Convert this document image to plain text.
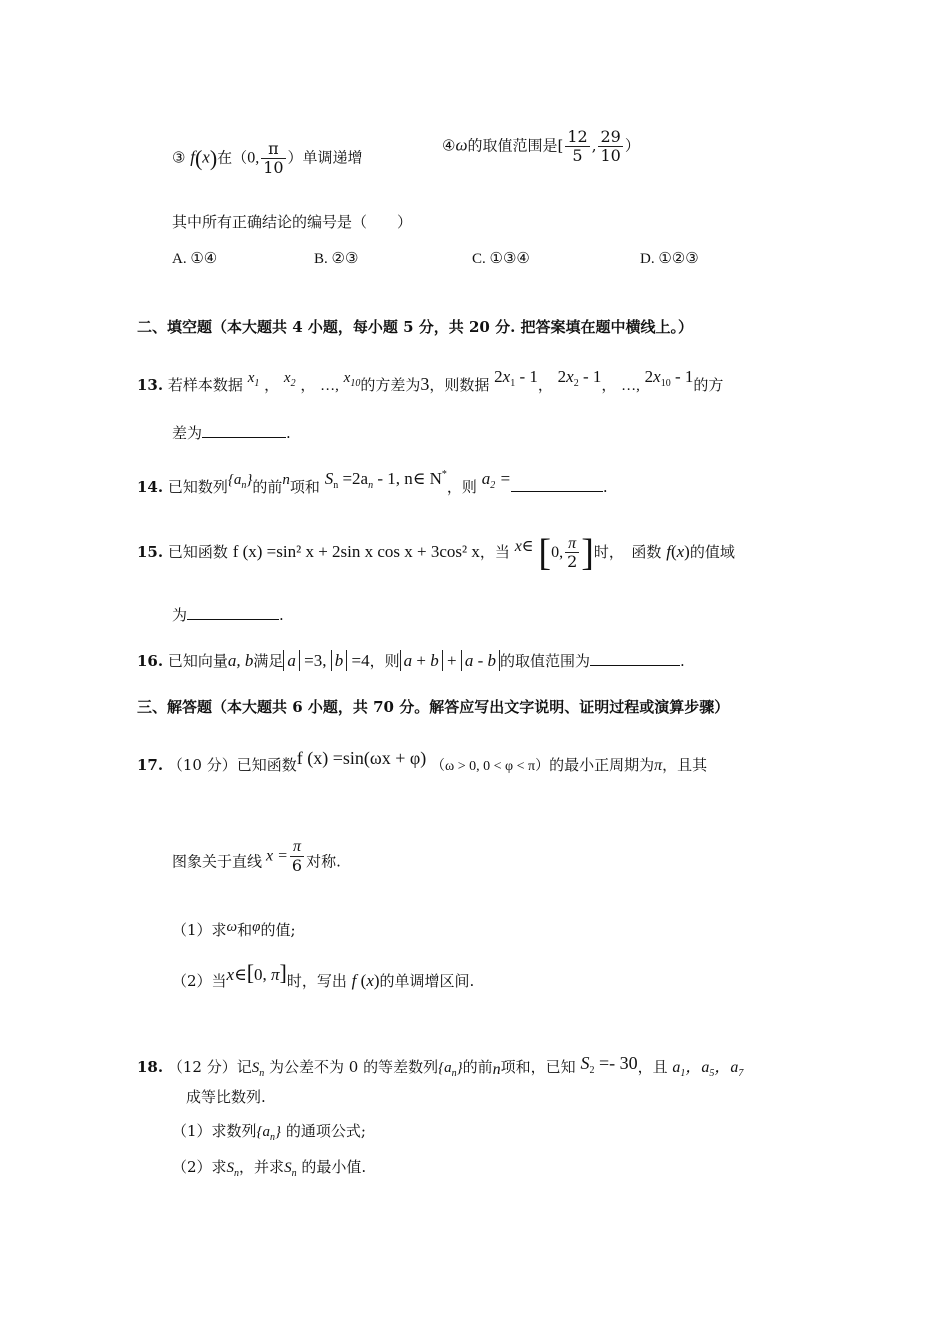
③ f(x)在（0, $\frac{\pi}{10}$ ）单调递增
④ω的取值范围是[ $\frac{12}{5}$ , $\frac{29}{10}$ ）
其中所有正确结论的编号是（　　）
A. ①④	B. ②③	C. ①③④	D. ①②③
二、填空题（本大题共 4 小题，每小题 5 分，共 20 分. 把答案填在题中横线上。）
13. 若样本数据 $x_1$ ， $x_2$ ， …, $x_{10}$的方差为3，则数据 $2x_1 - 1$， $2x_2 - 1$， …, $2x_{10} - 1$的方
差为	.
14. 已知数列$\{a_n\}$的前n项和 $S_n =2a_n - 1$, n∈ N*，则 $a_2$ =	.
15. 已知函数 f (x) =sin² x + 2sin x cos x + 3cos² x，当 x∈ [0, $\frac{\pi}{2}$ ]时，　函数 f(x)的值域
为	.
16. 已知向量a, b满足 a =3, b =4，则 a + b + a - b 的取值范围为	.
三、解答题（本大题共 6 小题，共 70 分。解答应写出文字说明、证明过程或演算步骤）
17. （10 分）已知函数f (x) =sin(ωx + φ) （ω > 0, 0 < φ < π）的最小正周期为π，且其
图象关于直线 $x = \frac{\pi}{6}$ 对称.
（1）求ω和φ的值;
（2）当x∈[0, π]时，写出 f (x)的单调增区间.
18. （12 分）记$S_n$ 为公差不为 0 的等差数列$\{a_n\}$的前n项和，已知 $S_2 =- 30$，且 $a_1$，$a_5$，$a_7$
成等比数列.
（1）求数列$\{a_n\}$ 的通项公式;
（2）求$S_n$，并求$S_n$ 的最小值.
